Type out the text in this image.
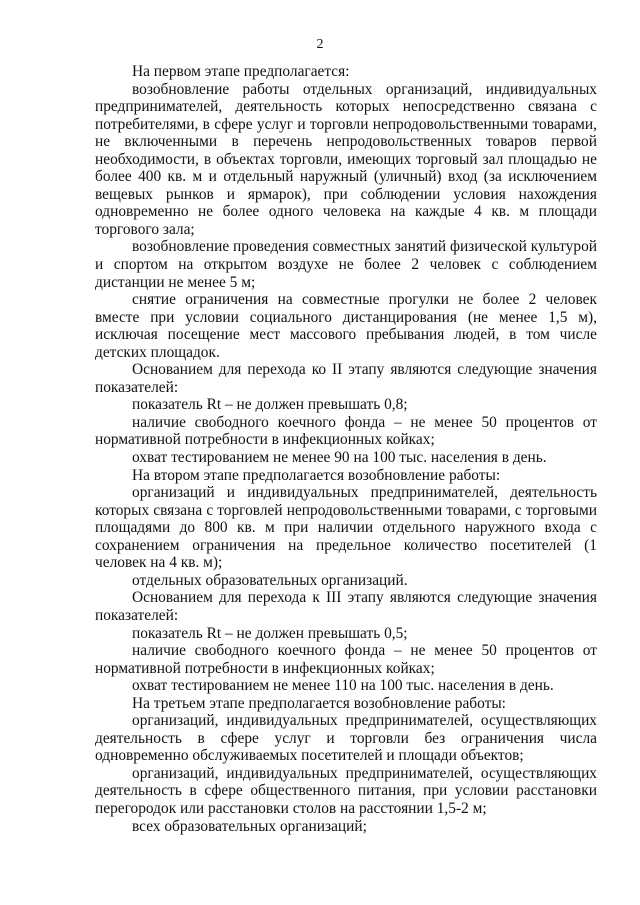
2

На первом этапе предполагается:

возобновление работы отдельных организаций, индивидуальных предпринимателей, деятельность которых непосредственно связана с потребителями, в сфере услуг и торговли непродовольственными товарами, не включенными в перечень непродовольственных товаров первой необходимости, в объектах торговли, имеющих торговый зал площадью не более 400 кв. м и отдельный наружный (уличный) вход (за исключением вещевых рынков и ярмарок), при соблюдении условия нахождения одновременно не более одного человека на каждые 4 кв. м площади торгового зала;

возобновление проведения совместных занятий физической культурой и спортом на открытом воздухе не более 2 человек с соблюдением дистанции не менее 5 м;

снятие ограничения на совместные прогулки не более 2 человек вместе при условии социального дистанцирования (не менее 1,5 м), исключая посещение мест массового пребывания людей, в том числе детских площадок.

Основанием для перехода ко II этапу являются следующие значения показателей:

показатель Rt – не должен превышать 0,8;

наличие свободного коечного фонда – не менее 50 процентов от нормативной потребности в инфекционных койках;

охват тестированием не менее 90 на 100 тыс. населения в день.

На втором этапе предполагается возобновление работы:

организаций и индивидуальных предпринимателей, деятельность которых связана с торговлей непродовольственными товарами, с торговыми площадями до 800 кв. м при наличии отдельного наружного входа с сохранением ограничения на предельное количество посетителей (1 человек на 4 кв. м);

отдельных образовательных организаций.

Основанием для перехода к III этапу являются следующие значения показателей:

показатель Rt – не должен превышать 0,5;

наличие свободного коечного фонда – не менее 50 процентов от нормативной потребности в инфекционных койках;

охват тестированием не менее 110 на 100 тыс. населения в день.

На третьем этапе предполагается возобновление работы:

организаций, индивидуальных предпринимателей, осуществляющих деятельность в сфере услуг и торговли без ограничения числа одновременно обслуживаемых посетителей и площади объектов;

организаций, индивидуальных предпринимателей, осуществляющих деятельность в сфере общественного питания, при условии расстановки перегородок или расстановки столов на расстоянии 1,5-2 м;

всех образовательных организаций;
